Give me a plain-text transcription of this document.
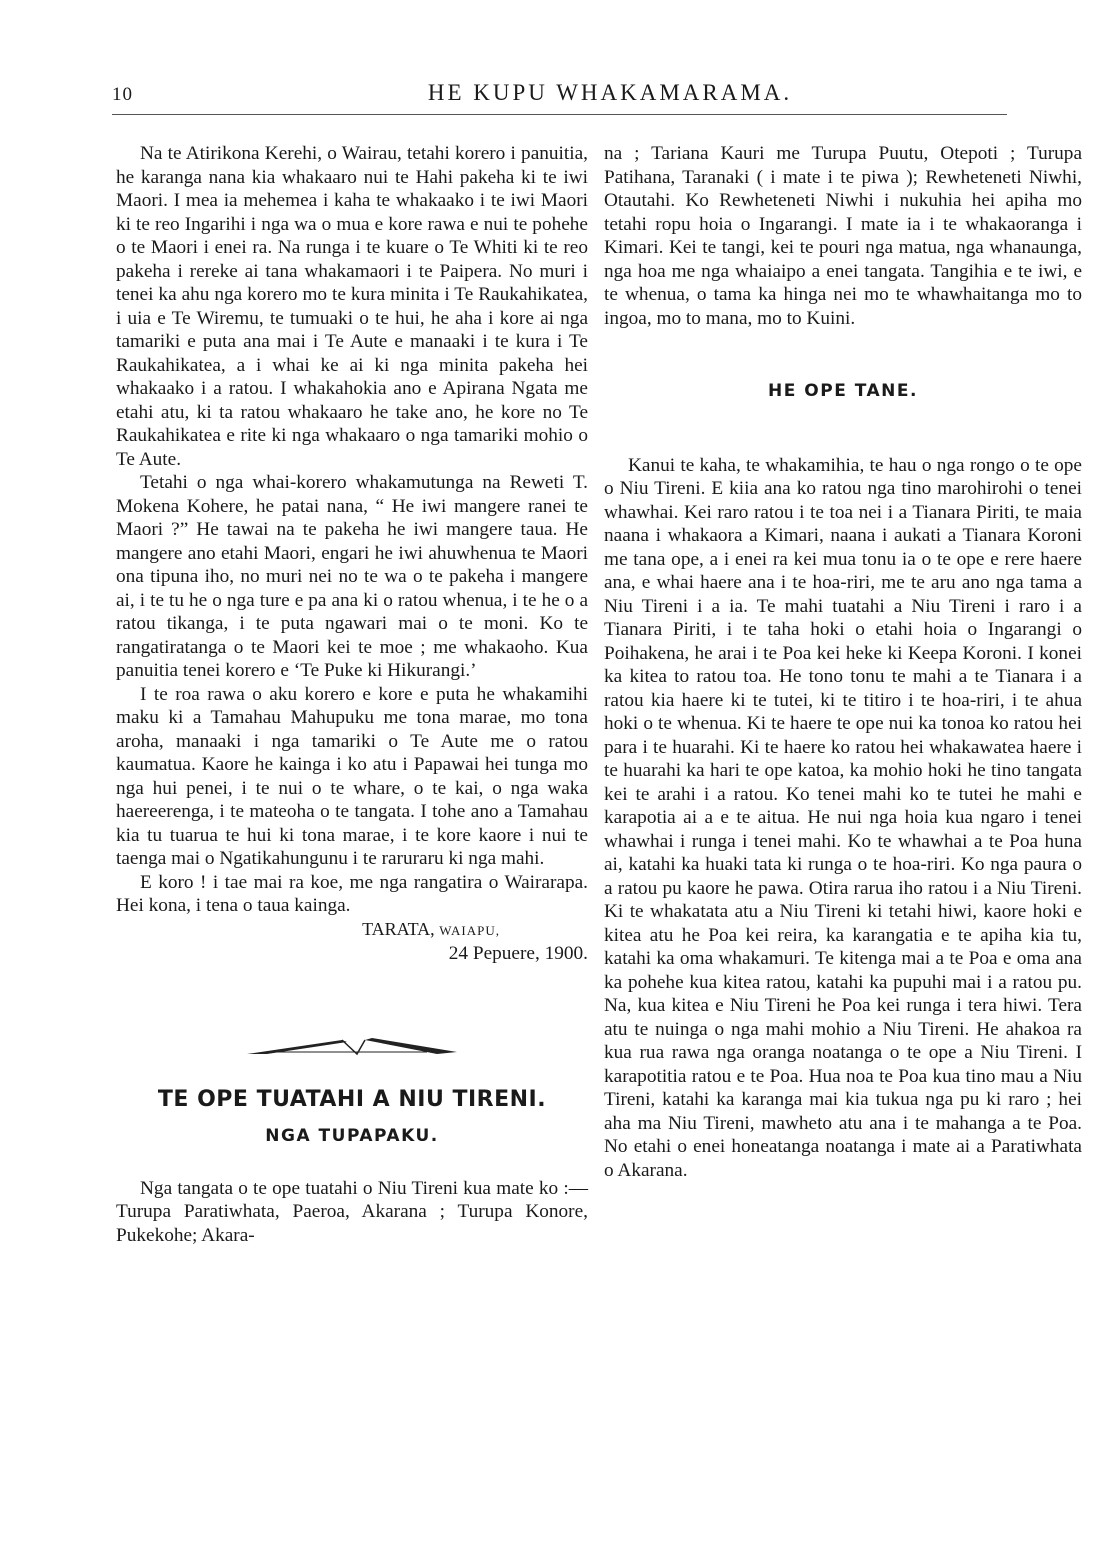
10	HE KUPU WHAKAMARAMA.

Na te Atirikona Kerehi, o Wairau, tetahi korero i panuitia, he karanga nana kia whakaaro nui te Hahi pakeha ki te iwi Maori. I mea ia mehemea i kaha te whakaako i te iwi Maori ki te reo Ingarihi i nga wa o mua e kore rawa e nui te pohehe o te Maori i enei ra. Na runga i te kuare o Te Whiti ki te reo pakeha i rereke ai tana whakamaori i te Paipera. No muri i tenei ka ahu nga korero mo te kura minita i Te Raukahikatea, i uia e Te Wiremu, te tumuaki o te hui, he aha i kore ai nga tamariki e puta ana mai i Te Aute e manaaki i te kura i Te Raukahikatea, a i whai ke ai ki nga minita pakeha hei whakaako i a ratou. I whakahokia ano e Apirana Ngata me etahi atu, ki ta ratou whakaaro he take ano, he kore no Te Raukahikatea e rite ki nga whakaaro o nga tamariki mohio o Te Aute.

Tetahi o nga whai-korero whakamutunga na Reweti T. Mokena Kohere, he patai nana, “ He iwi mangere ranei te Maori ?” He tawai na te pakeha he iwi mangere taua. He mangere ano etahi Maori, engari he iwi ahuwhenua te Maori ona tipuna iho, no muri nei no te wa o te pakeha i mangere ai, i te tu he o nga ture e pa ana ki o ratou whenua, i te he o a ratou tikanga, i te puta ngawari mai o te moni. Ko te rangatiratanga o te Maori kei te moe ; me whakaoho. Kua panuitia tenei korero e ‘Te Puke ki Hikurangi.’

I te roa rawa o aku korero e kore e puta he whakamihi maku ki a Tamahau Mahupuku me tona marae, mo tona aroha, manaaki i nga tamariki o Te Aute me o ratou kaumatua. Kaore he kainga i ko atu i Papawai hei tunga mo nga hui penei, i te nui o te whare, o te kai, o nga waka haereerenga, i te mateoha o te tangata. I tohe ano a Tamahau kia tu tuarua te hui ki tona marae, i te kore kaore i nui te taenga mai o Ngatikahungunu i te raruraru ki nga mahi.

E koro ! i tae mai ra koe, me nga rangatira o Wairarapa. Hei kona, i tena o taua kainga.

TARATA, WAIAPU,

24 Pepuere, 1900.

TE OPE TUATAHI A NIU TIRENI.
NGA TUPAPAKU.

Nga tangata o te ope tuatahi o Niu Tireni kua mate ko :— Turupa Paratiwhata, Paeroa, Akarana ; Turupa Konore, Pukekohe; Akara-

na ; Tariana Kauri me Turupa Puutu, Otepoti ; Turupa Patihana, Taranaki ( i mate i te piwa ); Rewheteneti Niwhi, Otautahi. Ko Rewheteneti Niwhi i nukuhia hei apiha mo tetahi ropu hoia o Ingarangi. I mate ia i te whakaoranga i Kimari. Kei te tangi, kei te pouri nga matua, nga whanaunga, nga hoa me nga whaiaipo a enei tangata. Tangihia e te iwi, e te whenua, o tama ka hinga nei mo te whawhaitanga mo to ingoa, mo to mana, mo to Kuini.

HE OPE TANE.

Kanui te kaha, te whakamihia, te hau o nga rongo o te ope o Niu Tireni. E kiia ana ko ratou nga tino marohirohi o tenei whawhai. Kei raro ratou i te toa nei i a Tianara Piriti, te maia naana i whakaora a Kimari, naana i aukati a Tianara Koroni me tana ope, a i enei ra kei mua tonu ia o te ope e rere haere ana, e whai haere ana i te hoa-riri, me te aru ano nga tama a Niu Tireni i a ia. Te mahi tuatahi a Niu Tireni i raro i a Tianara Piriti, i te taha hoki o etahi hoia o Ingarangi o Poihakena, he arai i te Poa kei heke ki Keepa Koroni. I konei ka kitea to ratou toa. He tono tonu te mahi a te Tianara i a ratou kia haere ki te tutei, ki te titiro i te hoa-riri, i te ahua hoki o te whenua. Ki te haere te ope nui ka tonoa ko ratou hei para i te huarahi. Ki te haere ko ratou hei whakawatea haere i te huarahi ka hari te ope katoa, ka mohio hoki he tino tangata kei te arahi i a ratou. Ko tenei mahi ko te tutei he mahi e karapotia ai a e te aitua. He nui nga hoia kua ngaro i tenei whawhai i runga i tenei mahi. Ko te whawhai a te Poa huna ai, katahi ka huaki tata ki runga o te hoa-riri. Ko nga paura o a ratou pu kaore he pawa. Otira rarua iho ratou i a Niu Tireni. Ki te whakatata atu a Niu Tireni ki tetahi hiwi, kaore hoki e kitea atu he Poa kei reira, ka karangatia e te apiha kia tu, katahi ka oma whakamuri. Te kitenga mai a te Poa e oma ana ka pohehe kua kitea ratou, katahi ka pupuhi mai i a ratou pu. Na, kua kitea e Niu Tireni he Poa kei runga i tera hiwi. Tera atu te nuinga o nga mahi mohio a Niu Tireni. He ahakoa ra kua rua rawa nga oranga noatanga o te ope a Niu Tireni. I karapotitia ratou e te Poa. Hua noa te Poa kua tino mau a Niu Tireni, katahi ka karanga mai kia tukua nga pu ki raro ; hei aha ma Niu Tireni, mawheto atu ana i te mahanga a te Poa. No etahi o enei honeatanga noatanga i mate ai a Paratiwhata o Akarana.
